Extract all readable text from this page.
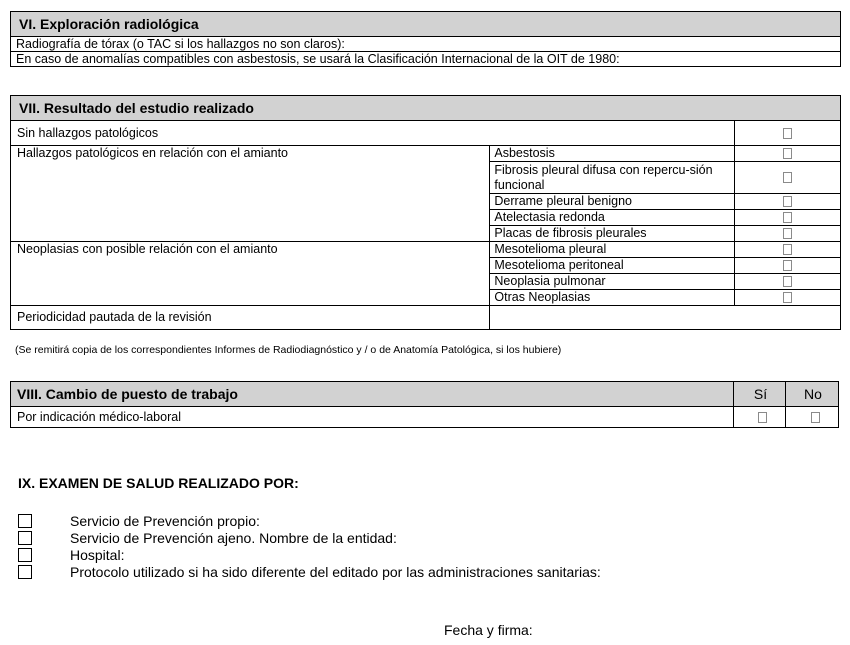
VI. Exploración radiológica
Radiografía de tórax (o TAC si los hallazgos no son claros):
En caso de anomalías compatibles con asbestosis, se usará la Clasificación Internacional de la OIT de 1980:
VII. Resultado del estudio realizado		
Sin hallazgos patológicos		
Hallazgos patológicos en relación con el amianto	Asbestosis	
	Fibrosis pleural difusa con repercu-sión funcional	
	Derrame pleural benigno	
	Atelectasia redonda	
	Placas de fibrosis pleurales	
Neoplasias con posible relación con el amianto	Mesotelioma pleural	
	Mesotelioma peritoneal	
	Neoplasia pulmonar	
	Otras Neoplasias	
Periodicidad pautada de la revisión		
(Se remitirá copia de los correspondientes Informes de Radiodiagnóstico y / o de Anatomía Patológica, si los hubiere)
VIII. Cambio de puesto de trabajo	Sí	No
Por indicación médico-laboral		
IX. EXAMEN DE SALUD REALIZADO POR:
Servicio de Prevención propio:
Servicio de Prevención ajeno. Nombre de la entidad:
Hospital:
Protocolo utilizado si ha sido diferente del editado por las administraciones sanitarias:
Fecha y firma:
